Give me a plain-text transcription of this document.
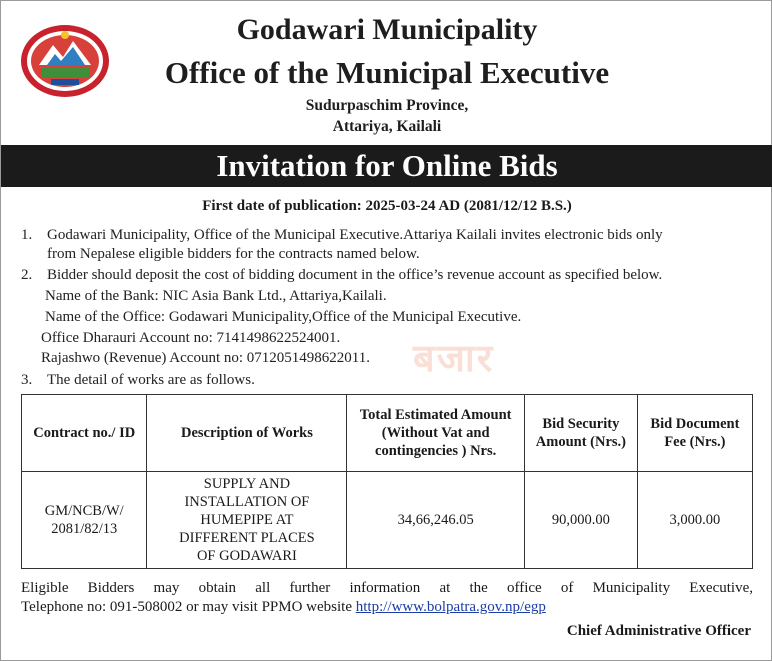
Godawari Municipality
Office of the Municipal Executive
Sudurpaschim Province,
Attariya, Kailali
Invitation for Online Bids
First date of publication: 2025-03-24 AD (2081/12/12 B.S.)
1. Godawari Municipality, Office of the Municipal Executive.Attariya Kailali invites electronic bids only
from Nepalese eligible bidders for the contracts named below.
2. Bidder should deposit the cost of bidding document in the office’s revenue account as specified below.
Name of the Bank: NIC Asia Bank Ltd., Attariya,Kailali.
Name of the Office: Godawari Municipality,Office of the Municipal Executive.
Office Dharauri Account no: 7141498622524001.
Rajashwo (Revenue) Account no: 0712051498622011. बजार
3. The detail of works are as follows.
Contract no./ ID	Description of Works	Total Estimated Amount (Without Vat and contingencies ) Nrs.	Bid Security Amount (Nrs.)	Bid Document Fee (Nrs.)
GM/NCB/W/ 2081/82/13	SUPPLY AND INSTALLATION OF HUMEPIPE AT DIFFERENT PLACES OF GODAWARI	34,66,246.05	90,000.00	3,000.00
Eligible Bidders may obtain all further information at the office of Municipality Executive,
Telephone no: 091-508002 or may visit PPMO website http://www.bolpatra.gov.np/egp
Chief Administrative Officer
